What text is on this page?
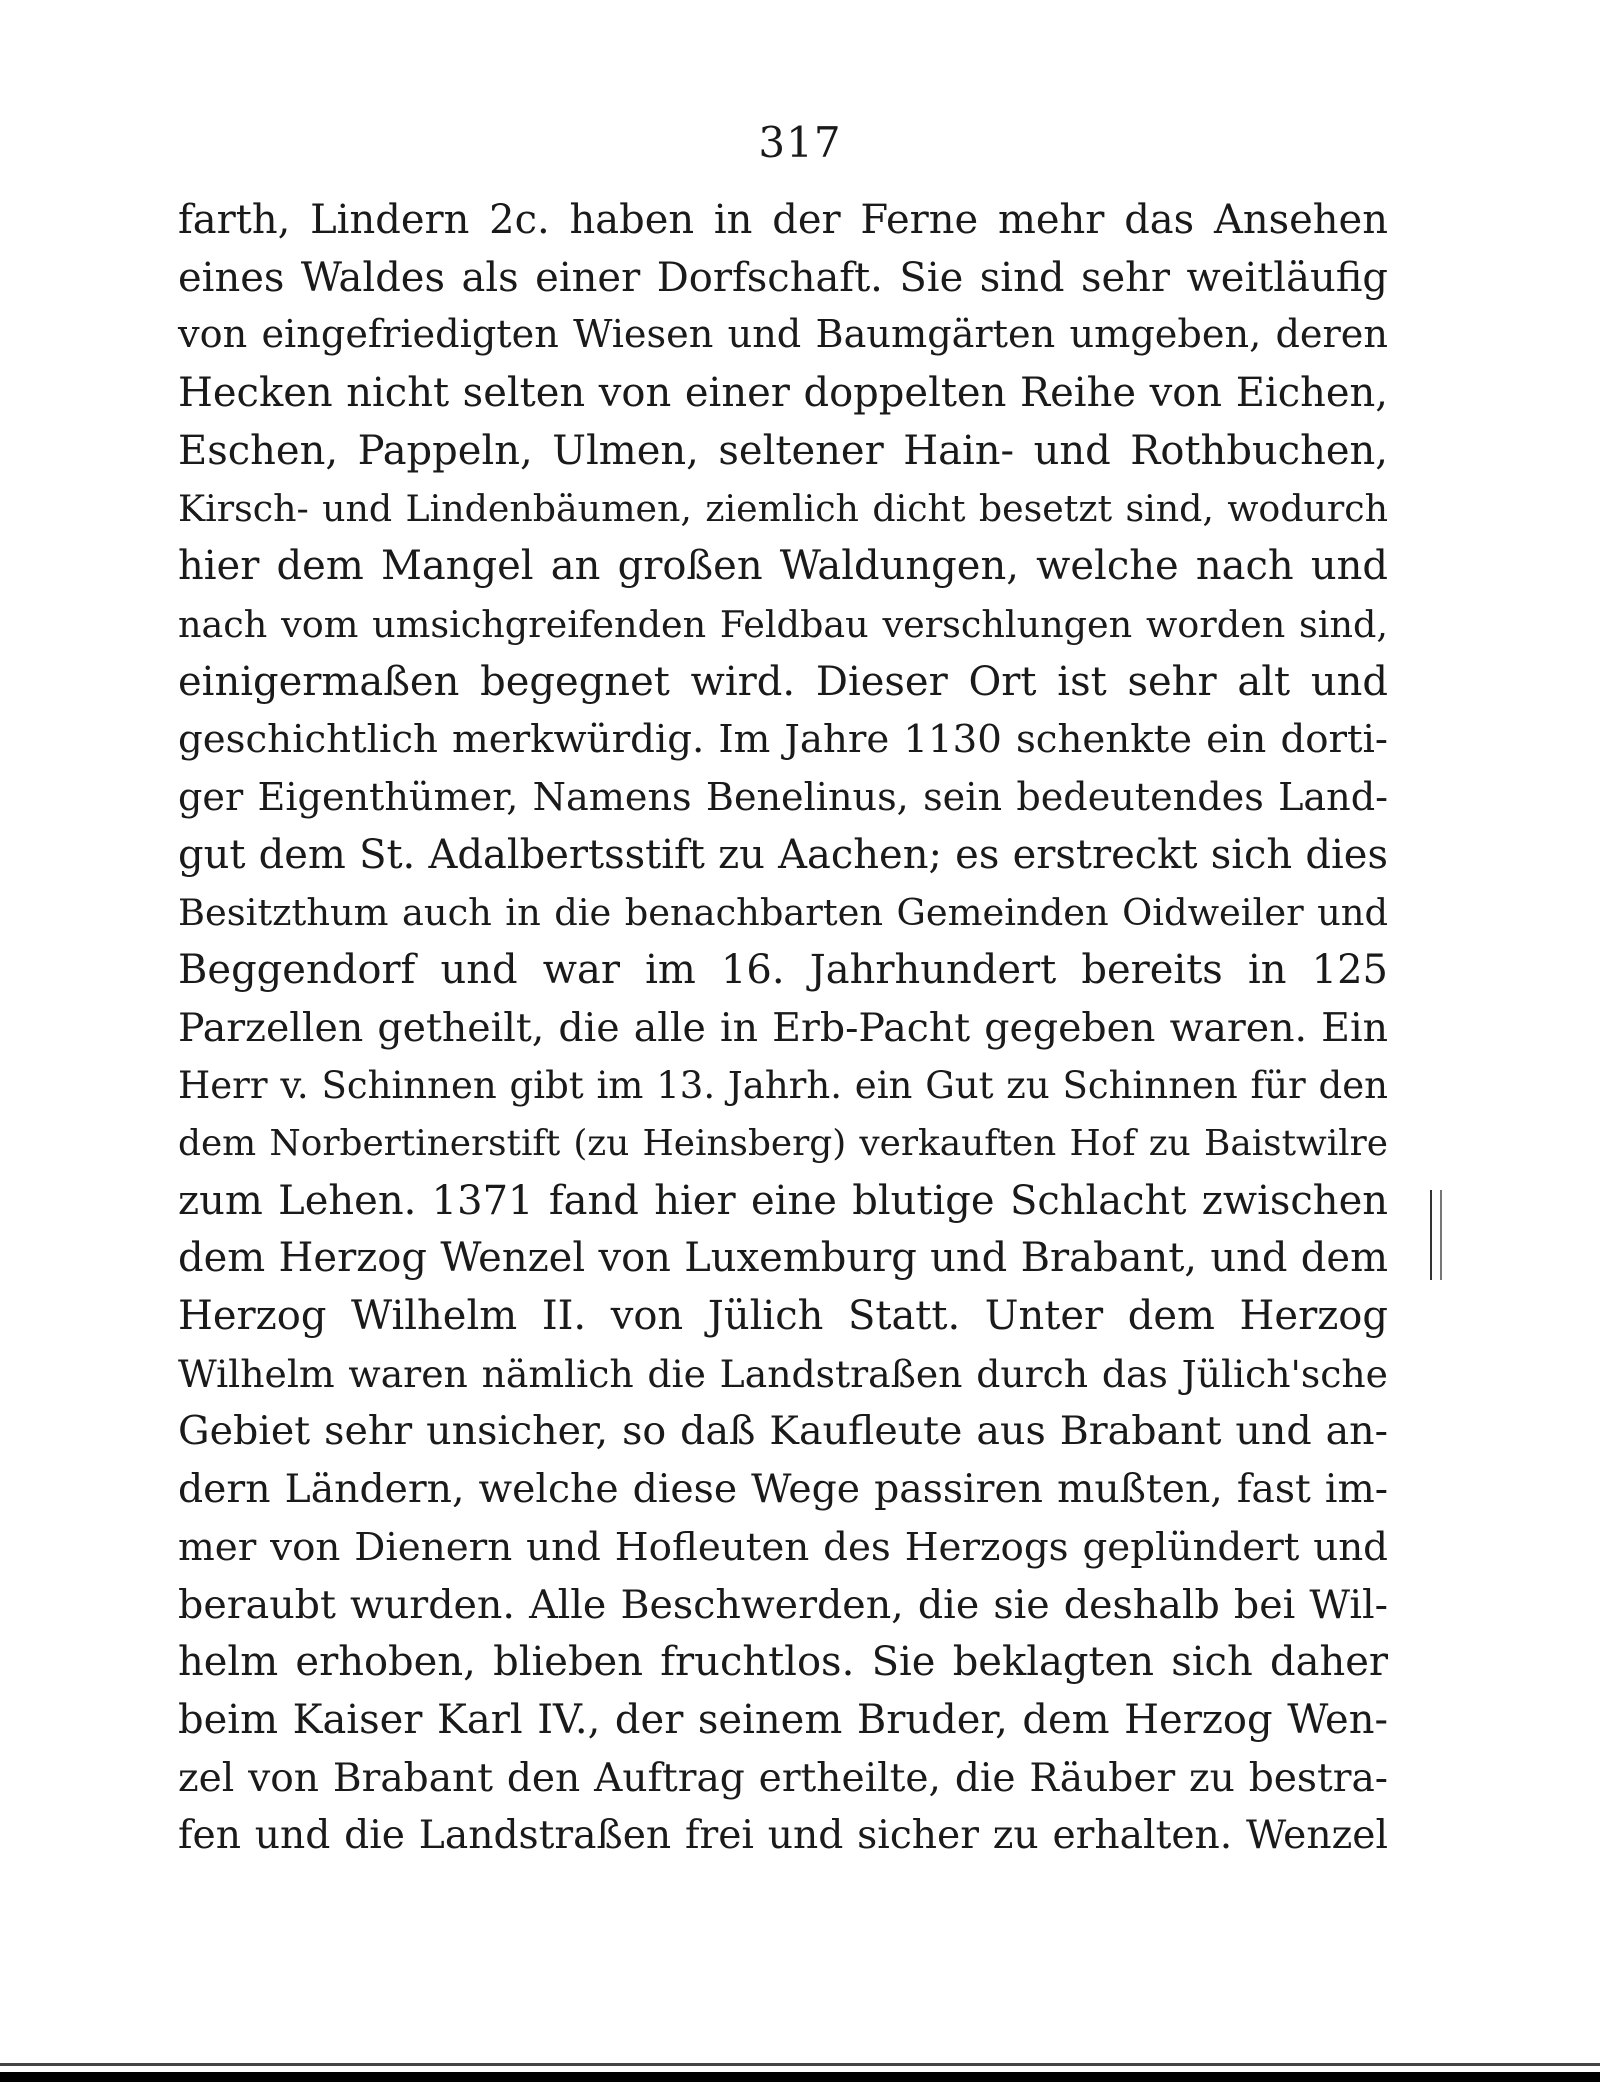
317
farth, Lindern 2c. haben in der Ferne mehr das Ansehen
eines Waldes als einer Dorfschaft. Sie sind sehr weitläufig
von eingefriedigten Wiesen und Baumgärten umgeben, deren
Hecken nicht selten von einer doppelten Reihe von Eichen,
Eschen, Pappeln, Ulmen, seltener Hain- und Rothbuchen,
Kirsch- und Lindenbäumen, ziemlich dicht besetzt sind, wodurch
hier dem Mangel an großen Waldungen, welche nach und
nach vom umsichgreifenden Feldbau verschlungen worden sind,
einigermaßen begegnet wird. Dieser Ort ist sehr alt und
geschichtlich merkwürdig. Im Jahre 1130 schenkte ein dorti-
ger Eigenthümer, Namens Benelinus, sein bedeutendes Land-
gut dem St. Adalbertsstift zu Aachen; es erstreckt sich dies
Besitzthum auch in die benachbarten Gemeinden Oidweiler und
Beggendorf und war im 16. Jahrhundert bereits in 125
Parzellen getheilt, die alle in Erb-Pacht gegeben waren. Ein
Herr v. Schinnen gibt im 13. Jahrh. ein Gut zu Schinnen für den
dem Norbertinerstift (zu Heinsberg) verkauften Hof zu Baistwilre
zum Lehen. 1371 fand hier eine blutige Schlacht zwischen
dem Herzog Wenzel von Luxemburg und Brabant, und dem
Herzog Wilhelm II. von Jülich Statt. Unter dem Herzog
Wilhelm waren nämlich die Landstraßen durch das Jülich'sche
Gebiet sehr unsicher, so daß Kaufleute aus Brabant und an-
dern Ländern, welche diese Wege passiren mußten, fast im-
mer von Dienern und Hofleuten des Herzogs geplündert und
beraubt wurden. Alle Beschwerden, die sie deshalb bei Wil-
helm erhoben, blieben fruchtlos. Sie beklagten sich daher
beim Kaiser Karl IV., der seinem Bruder, dem Herzog Wen-
zel von Brabant den Auftrag ertheilte, die Räuber zu bestra-
fen und die Landstraßen frei und sicher zu erhalten. Wenzel
